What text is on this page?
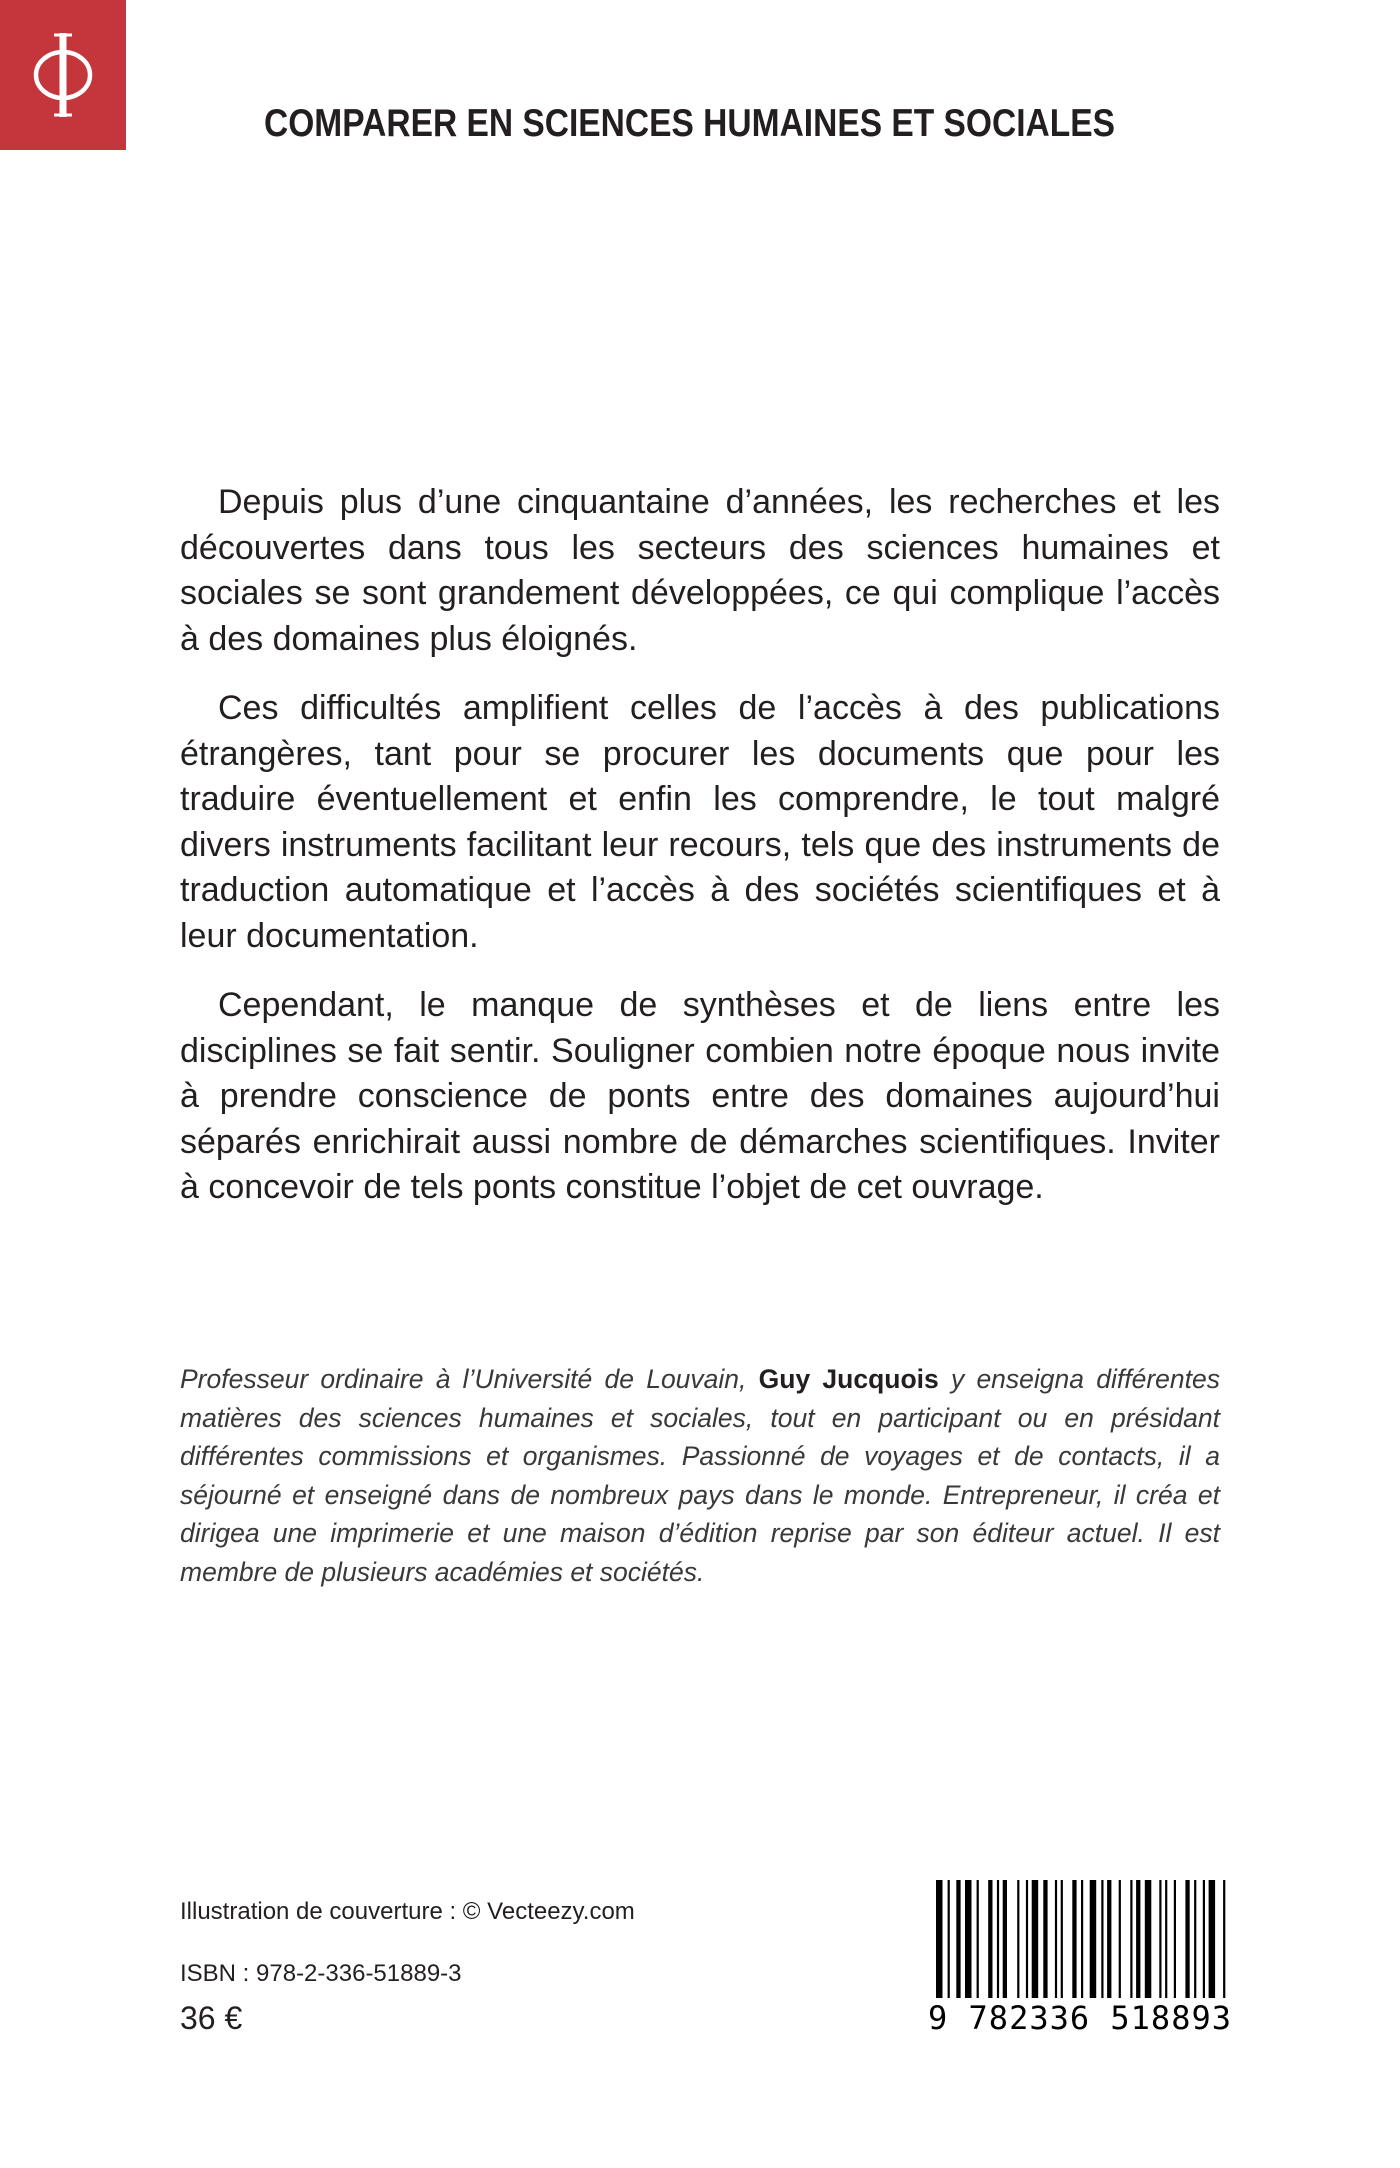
COMPARER EN SCIENCES HUMAINES ET SOCIALES

Depuis plus d’une cinquantaine d’années, les recherches et les découvertes dans tous les secteurs des sciences humaines et sociales se sont grandement développées, ce qui complique l’accès à des domaines plus éloignés.

Ces difficultés amplifient celles de l’accès à des publications étrangères, tant pour se procurer les documents que pour les traduire éventuellement et enfin les comprendre, le tout malgré divers instruments facilitant leur recours, tels que des instruments de traduction automatique et l’accès à des sociétés scientifiques et à leur documentation.

Cependant, le manque de synthèses et de liens entre les disciplines se fait sentir. Souligner combien notre époque nous invite à prendre conscience de ponts entre des domaines aujourd’hui séparés enrichirait aussi nombre de démarches scientifiques. Inviter à concevoir de tels ponts constitue l’objet de cet ouvrage.

Professeur ordinaire à l’Université de Louvain, Guy Jucquois y enseigna différentes matières des sciences humaines et sociales, tout en participant ou en présidant différentes commissions et organismes. Passionné de voyages et de contacts, il a séjourné et enseigné dans de nombreux pays dans le monde. Entrepreneur, il créa et dirigea une imprimerie et une maison d’édition reprise par son éditeur actuel. Il est membre de plusieurs académies et sociétés.

Illustration de couverture : © Vecteezy.com

ISBN : 978-2-336-51889-3

36 €	9 782336 518893
